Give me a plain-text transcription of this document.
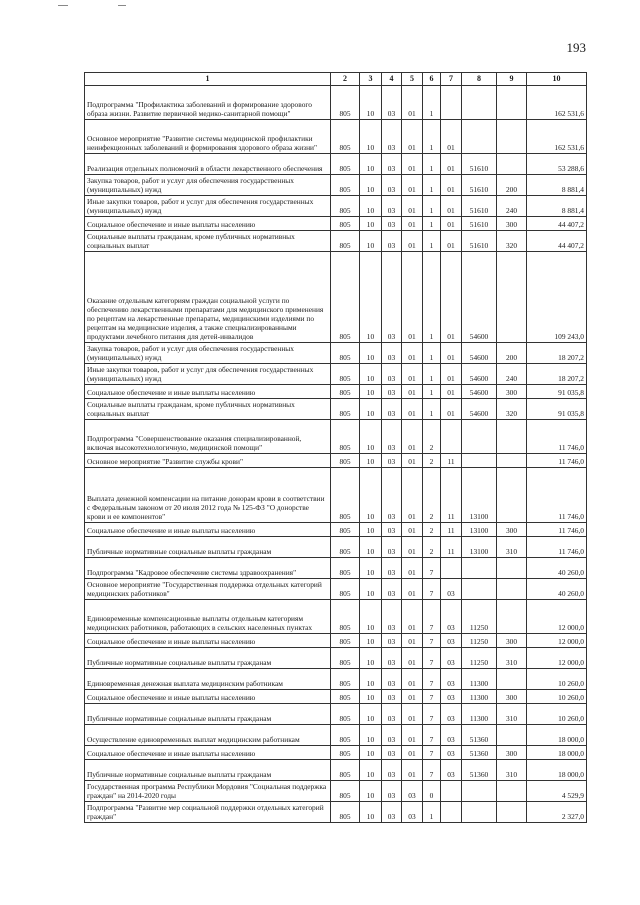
193
1	2	3	4	5	6	7	8	9	10
Подпрограмма "Профилактика заболеваний и формирование здорового образа жизни. Развитие первичной медико-санитарной помощи"	805	10	03	01	1				162 531,6
Основное мероприятие "Развитие системы медицинской профилактики неинфекционных заболеваний и формирования здорового образа жизни"	805	10	03	01	1	01			162 531,6
Реализация отдельных полномочий в области лекарственного обеспечения	805	10	03	01	1	01	51610		53 288,6
Закупка товаров, работ и услуг для обеспечения государственных (муниципальных) нужд	805	10	03	01	1	01	51610	200	8 881,4
Иные закупки товаров, работ и услуг для обеспечения государственных (муниципальных) нужд	805	10	03	01	1	01	51610	240	8 881,4
Социальное обеспечение и иные выплаты населению	805	10	03	01	1	01	51610	300	44 407,2
Социальные выплаты гражданам, кроме публичных нормативных социальных выплат	805	10	03	01	1	01	51610	320	44 407,2
Оказание отдельным категориям граждан социальной услуги по обеспечению лекарственными препаратами для медицинского применения по рецептам на лекарственные препараты, медицинскими изделиями по рецептам на медицинские изделия, а также специализированными продуктами лечебного питания для детей-инвалидов	805	10	03	01	1	01	54600		109 243,0
Закупка товаров, работ и услуг для обеспечения государственных (муниципальных) нужд	805	10	03	01	1	01	54600	200	18 207,2
Иные закупки товаров, работ и услуг для обеспечения государственных (муниципальных) нужд	805	10	03	01	1	01	54600	240	18 207,2
Социальное обеспечение и иные выплаты населению	805	10	03	01	1	01	54600	300	91 035,8
Социальные выплаты гражданам, кроме публичных нормативных социальных выплат	805	10	03	01	1	01	54600	320	91 035,8
Подпрограмма "Совершенствование оказания специализированной, включая высокотехнологичную, медицинской помощи"	805	10	03	01	2				11 746,0
Основное мероприятие "Развитие службы крови"	805	10	03	01	2	11			11 746,0
Выплата денежной компенсации на питание донорам крови в соответствии с Федеральным законом от 20 июля 2012 года № 125-ФЗ "О донорстве крови и ее компонентов"	805	10	03	01	2	11	13100		11 746,0
Социальное обеспечение и иные выплаты населению	805	10	03	01	2	11	13100	300	11 746,0
Публичные нормативные социальные выплаты гражданам	805	10	03	01	2	11	13100	310	11 746,0
Подпрограмма "Кадровое обеспечение системы здравоохранения"	805	10	03	01	7				40 260,0
Основное мероприятие "Государственная поддержка отдельных категорий медицинских работников"	805	10	03	01	7	03			40 260,0
Единовременные компенсационные выплаты отдельным категориям медицинских работников, работающих в сельских населенных пунктах	805	10	03	01	7	03	11250		12 000,0
Социальное обеспечение и иные выплаты населению	805	10	03	01	7	03	11250	300	12 000,0
Публичные нормативные социальные выплаты гражданам	805	10	03	01	7	03	11250	310	12 000,0
Единовременная денежная выплата медицинским работникам	805	10	03	01	7	03	11300		10 260,0
Социальное обеспечение и иные выплаты населению	805	10	03	01	7	03	11300	300	10 260,0
Публичные нормативные социальные выплаты гражданам	805	10	03	01	7	03	11300	310	10 260,0
Осуществление единовременных выплат медицинским работникам	805	10	03	01	7	03	51360		18 000,0
Социальное обеспечение и иные выплаты населению	805	10	03	01	7	03	51360	300	18 000,0
Публичные нормативные социальные выплаты гражданам	805	10	03	01	7	03	51360	310	18 000,0
Государственная программа Республики Мордовия "Социальная поддержка граждан" на 2014-2020 годы	805	10	03	03	0				4 529,9
Подпрограмма "Развитие мер социальной поддержки отдельных категорий граждан"	805	10	03	03	1				2 327,0
